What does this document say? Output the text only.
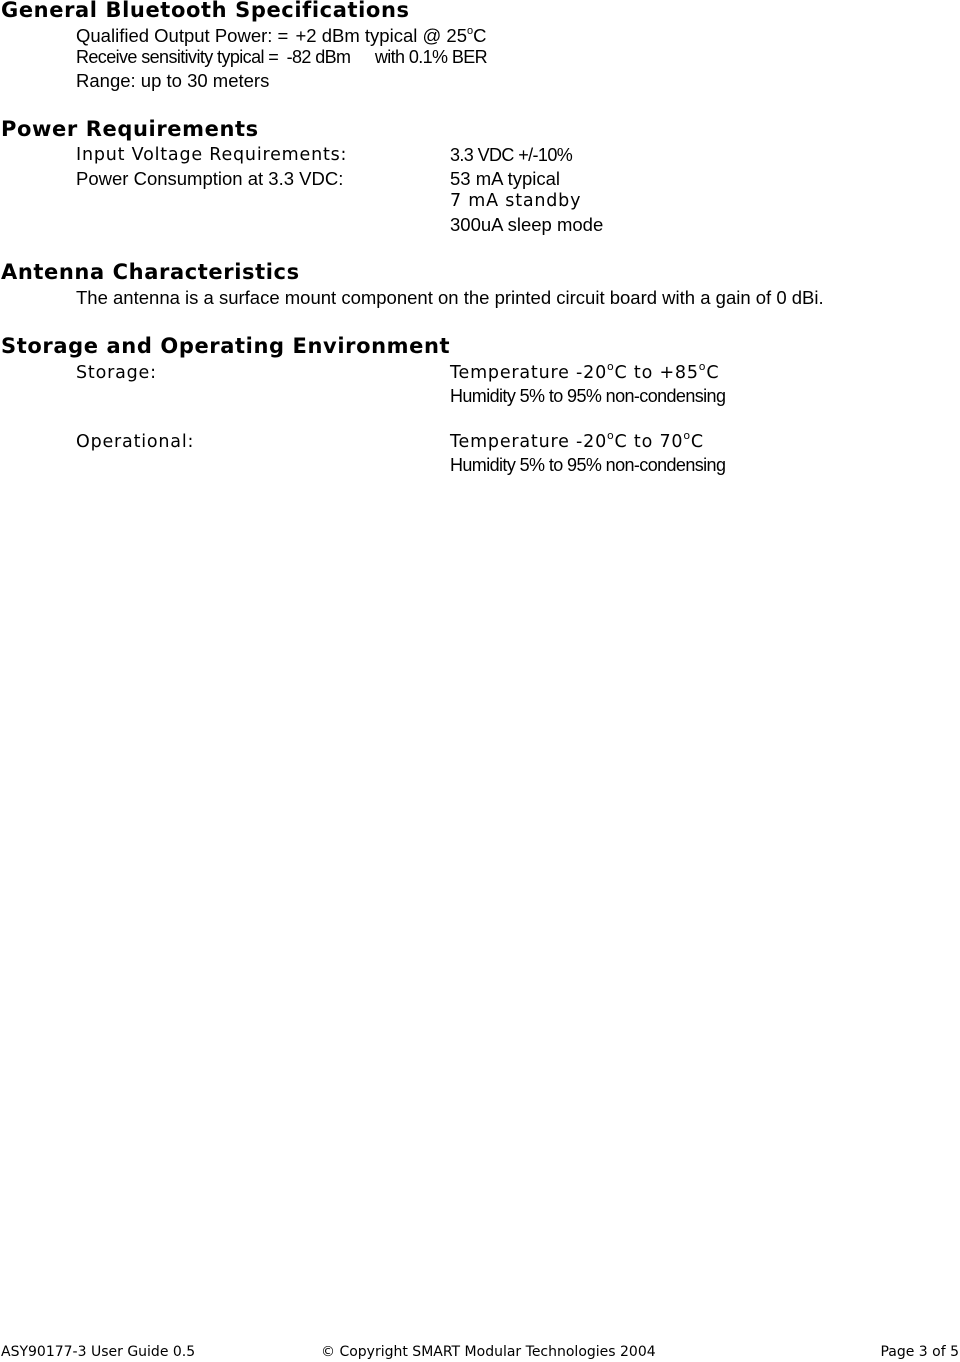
General Bluetooth Specifications
Qualified Output Power: = +2 dBm typical @ 25$^o$C
Receive sensitivity typical = -82 dBm with 0.1% BER
Range: up to 30 meters
Power Requirements
Input Voltage Requirements:	3.3 VDC +/-10%
Power Consumption at 3.3 VDC:	53 mA typical
7 mA standby
300uA sleep mode
Antenna Characteristics
The antenna is a surface mount component on the printed circuit board with a gain of 0 dBi.
Storage and Operating Environment
Storage:	Temperature -20$^o$C to $+85^oC$
Humidity 5% to 95% non-condensing
Operational:	Temperature -20$^o$C to 70$^o$C
Humidity 5% to 95% non-condensing
ASY90177-3 User Guide 0.5	© Copyright SMART Modular Technologies 2004	Page 3 of 5
